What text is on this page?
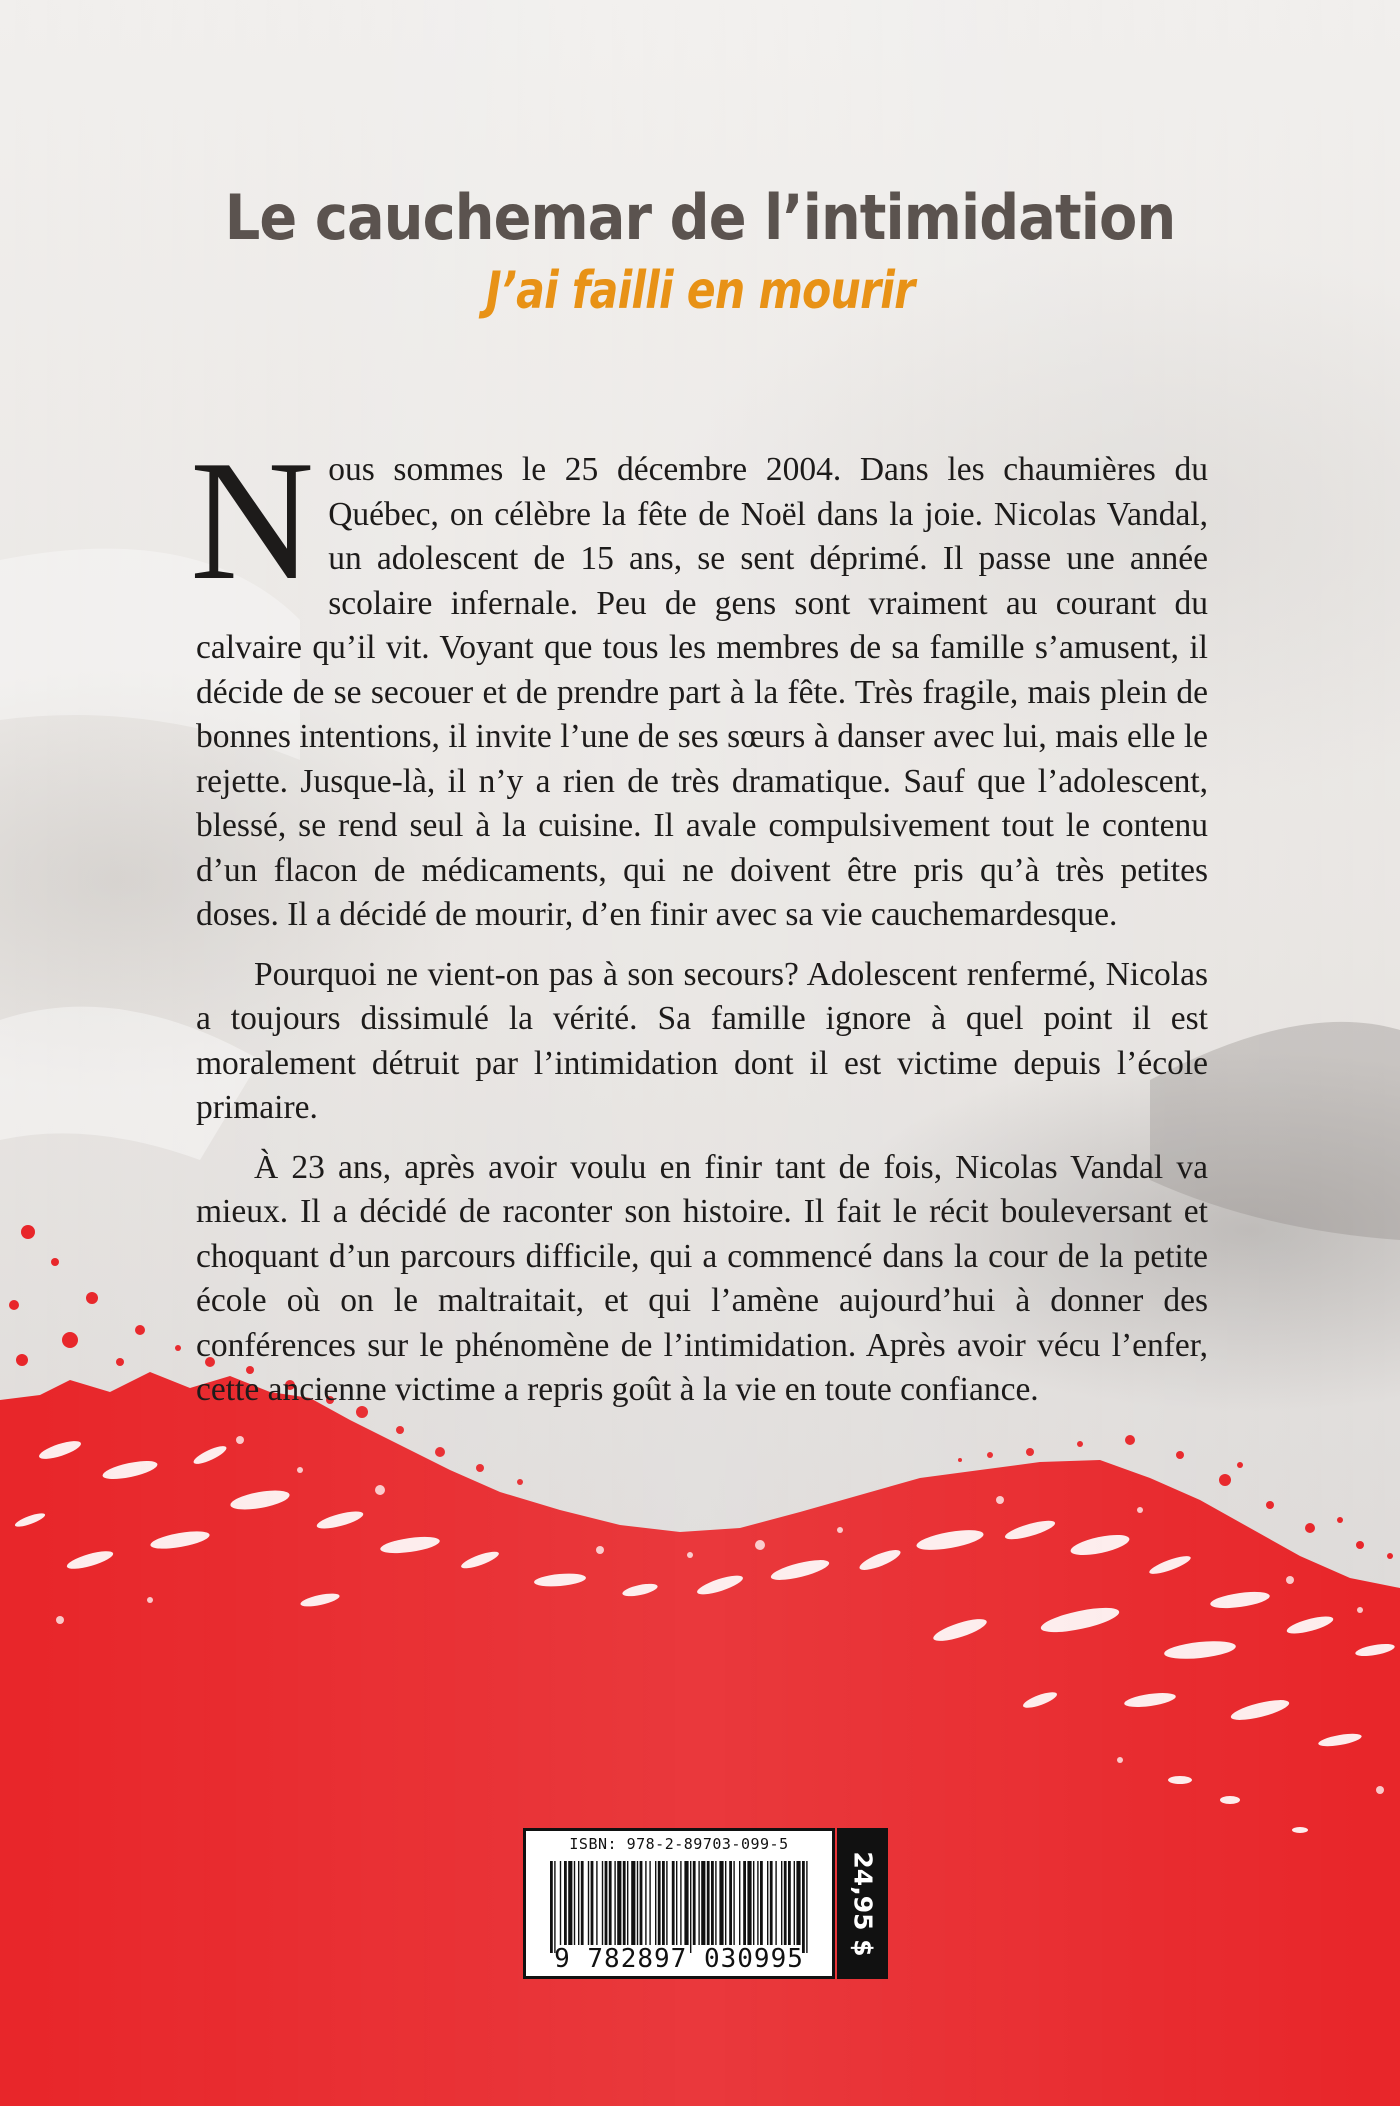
Le cauchemar de l’intimidation
J’ai failli en mourir

Nous sommes le 25 décembre 2004. Dans les chaumières du Québec, on célèbre la fête de Noël dans la joie. Nicolas Vandal, un adolescent de 15 ans, se sent déprimé. Il passe une année scolaire infernale. Peu de gens sont vraiment au courant du calvaire qu’il vit. Voyant que tous les membres de sa famille s’amusent, il décide de se secouer et de prendre part à la fête. Très fragile, mais plein de bonnes intentions, il invite l’une de ses sœurs à danser avec lui, mais elle le rejette. Jusque-là, il n’y a rien de très dramatique. Sauf que l’adolescent, blessé, se rend seul à la cuisine. Il avale compulsivement tout le contenu d’un flacon de médicaments, qui ne doivent être pris qu’à très petites doses. Il a décidé de mourir, d’en finir avec sa vie cauchemardesque.

Pourquoi ne vient-on pas à son secours? Adolescent renfermé, Nicolas a toujours dissimulé la vérité. Sa famille ignore à quel point il est moralement détruit par l’intimidation dont il est victime depuis l’école primaire.

À 23 ans, après avoir voulu en finir tant de fois, Nicolas Vandal va mieux. Il a décidé de raconter son histoire. Il fait le récit bouleversant et choquant d’un parcours difficile, qui a commencé dans la cour de la petite école où on le maltraitait, et qui l’amène aujourd’hui à donner des conférences sur le phénomène de l’intimidation. Après avoir vécu l’enfer, cette ancienne victime a repris goût à la vie en toute confiance.

ISBN: 978-2-89703-099-5
9 782897 030995
24,95 $
